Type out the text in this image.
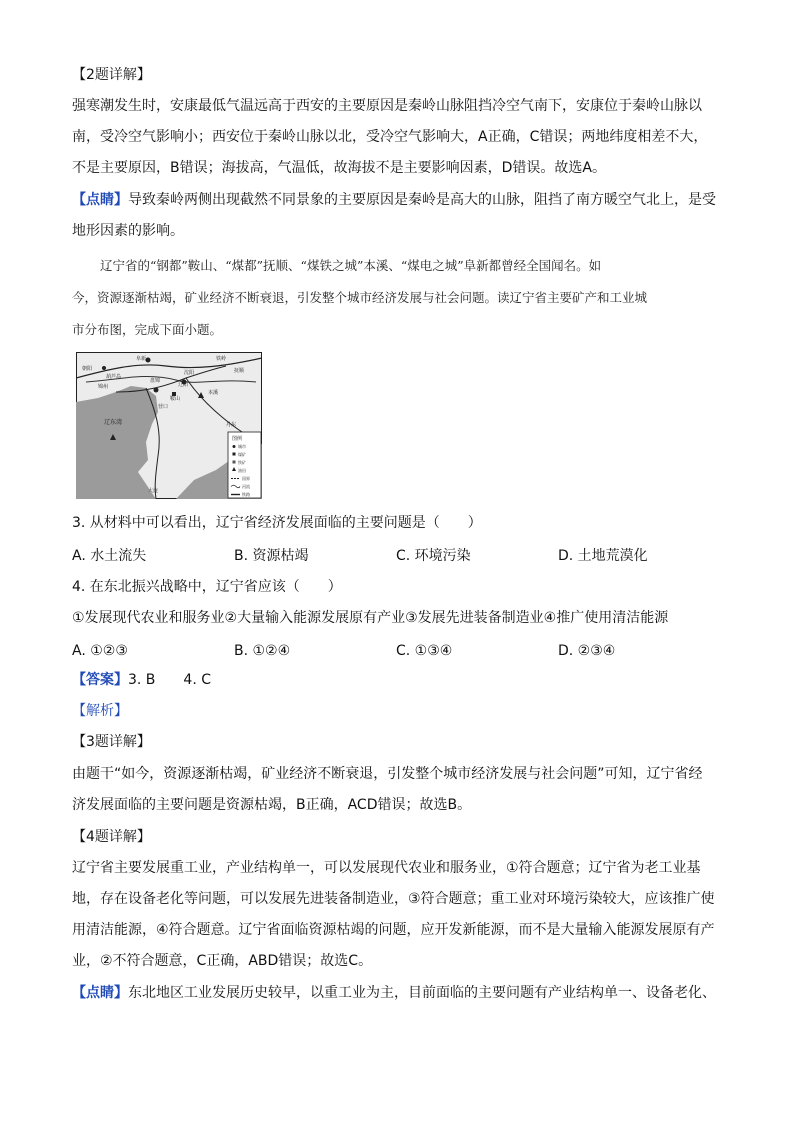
【2题详解】

强寒潮发生时，安康最低气温远高于西安的主要原因是秦岭山脉阻挡冷空气南下，安康位于秦岭山脉以

南，受冷空气影响小；西安位于秦岭山脉以北，受冷空气影响大，A正确，C错误；两地纬度相差不大，

不是主要原因，B错误；海拔高，气温低，故海拔不是主要影响因素，D错误。故选A。

【点睛】导致秦岭两侧出现截然不同景象的主要原因是秦岭是高大的山脉，阻挡了南方暖空气北上，是受

地形因素的影响。

辽宁省的“钢都”鞍山、“煤都”抚顺、“煤铁之城”本溪、“煤电之城”阜新都曾经全国闻名。如

今，资源逐渐枯竭，矿业经济不断衰退，引发整个城市经济发展与社会问题。读辽宁省主要矿产和工业城

市分布图，完成下面小题。

阜新	铁岭
沈阳	抚顺
朝阳
本溪
辽阳
鞍山
锦州
盘锦
营口
大连
丹东
葫芦岛
辽东湾
图例
城市
煤矿
铁矿
油田
国界
河流
铁路

3. 从材料中可以看出，辽宁省经济发展面临的主要问题是（　　）

A. 水土流失	B. 资源枯竭	C. 环境污染	D. 土地荒漠化

4. 在东北振兴战略中，辽宁省应该（　　）

①发展现代农业和服务业②大量输入能源发展原有产业③发展先进装备制造业④推广使用清洁能源

A. ①②③	B. ①②④	C. ①③④	D. ②③④

【答案】3. B　　4. C

【解析】

【3题详解】

由题干“如今，资源逐渐枯竭，矿业经济不断衰退，引发整个城市经济发展与社会问题”可知，辽宁省经

济发展面临的主要问题是资源枯竭，B正确，ACD错误；故选B。

【4题详解】

辽宁省主要发展重工业，产业结构单一，可以发展现代农业和服务业，①符合题意；辽宁省为老工业基

地，存在设备老化等问题，可以发展先进装备制造业，③符合题意；重工业对环境污染较大，应该推广使

用清洁能源，④符合题意。辽宁省面临资源枯竭的问题，应开发新能源，而不是大量输入能源发展原有产

业，②不符合题意，C正确，ABD错误；故选C。

【点睛】东北地区工业发展历史较早，以重工业为主，目前面临的主要问题有产业结构单一、设备老化、
